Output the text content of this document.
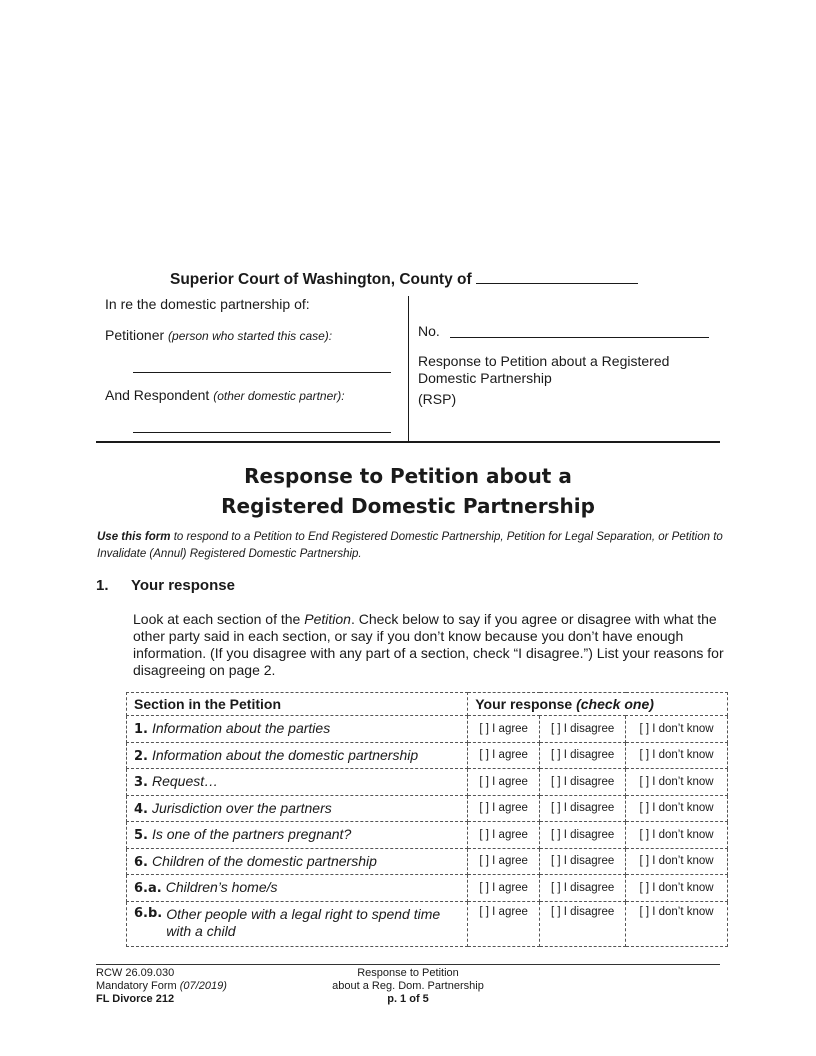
Superior Court of Washington, County of
In re the domestic partnership of:
Petitioner (person who started this case):
And Respondent (other domestic partner):
No.
Response to Petition about a Registered
Domestic Partnership
(RSP)
Response to Petition about a
Registered Domestic Partnership
Use this form to respond to a Petition to End Registered Domestic Partnership, Petition for Legal Separation, or Petition to Invalidate (Annul) Registered Domestic Partnership.
1. Your response
Look at each section of the Petition. Check below to say if you agree or disagree with what the other party said in each section, or say if you don’t know because you don’t have enough information. (If you disagree with any part of a section, check “I disagree.”) List your reasons for disagreeing on page 2.
Section in the Petition	Your response (check one)		
1. Information about the parties	[ ] I agree	[ ] I disagree	[ ] I don’t know
2. Information about the domestic partnership	[ ] I agree	[ ] I disagree	[ ] I don’t know
3. Request…	[ ] I agree	[ ] I disagree	[ ] I don’t know
4. Jurisdiction over the partners	[ ] I agree	[ ] I disagree	[ ] I don’t know
5. Is one of the partners pregnant?	[ ] I agree	[ ] I disagree	[ ] I don’t know
6. Children of the domestic partnership	[ ] I agree	[ ] I disagree	[ ] I don’t know
6.a. Children’s home/s	[ ] I agree	[ ] I disagree	[ ] I don’t know

6.b. Other people with a legal right to spend time with a child	[ ] I agree	[ ] I disagree	[ ] I don’t know
RCW 26.09.030
Mandatory Form (07/2019)
FL Divorce 212
Response to Petition
about a Reg. Dom. Partnership
p. 1 of 5
